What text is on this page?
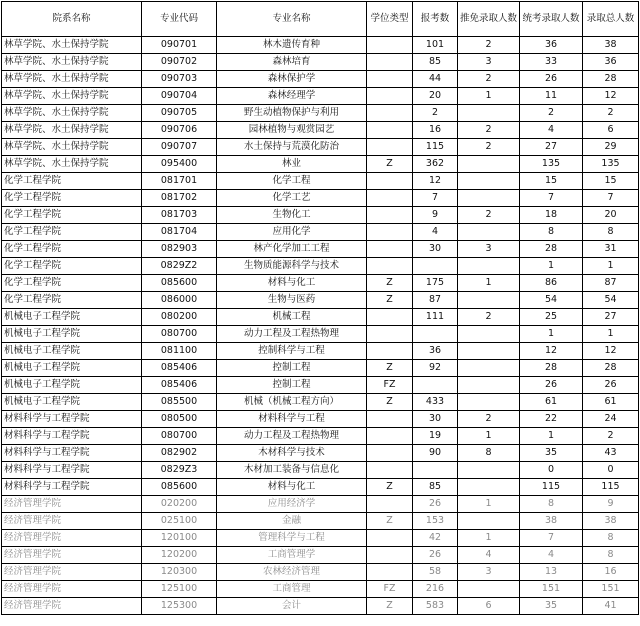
院系名称	专业代码	专业名称	学位类型	报考数	推免录取人数	统考录取人数	录取总人数
林草学院、水土保持学院	090701	林木遗传育种		101	2	36	38
林草学院、水土保持学院	090702	森林培育		85	3	33	36
林草学院、水土保持学院	090703	森林保护学		44	2	26	28
林草学院、水土保持学院	090704	森林经理学		20	1	11	12
林草学院、水土保持学院	090705	野生动植物保护与利用		2		2	2
林草学院、水土保持学院	090706	园林植物与观赏园艺		16	2	4	6
林草学院、水土保持学院	090707	水土保持与荒漠化防治		115	2	27	29
林草学院、水土保持学院	095400	林业	Z	362		135	135
化学工程学院	081701	化学工程		12		15	15
化学工程学院	081702	化学工艺		7		7	7
化学工程学院	081703	生物化工		9	2	18	20
化学工程学院	081704	应用化学		4		8	8
化学工程学院	082903	林产化学加工工程		30	3	28	31
化学工程学院	0829Z2	生物质能源科学与技术				1	1
化学工程学院	085600	材料与化工	Z	175	1	86	87
化学工程学院	086000	生物与医药	Z	87		54	54
机械电子工程学院	080200	机械工程		111	2	25	27
机械电子工程学院	080700	动力工程及工程热物理				1	1
机械电子工程学院	081100	控制科学与工程		36		12	12
机械电子工程学院	085406	控制工程	Z	92		28	28
机械电子工程学院	085406	控制工程	FZ			26	26
机械电子工程学院	085500	机械（机械工程方向）	Z	433		61	61
材料科学与工程学院	080500	材料科学与工程		30	2	22	24
材料科学与工程学院	080700	动力工程及工程热物理		19	1	1	2
材料科学与工程学院	082902	木材科学与技术		90	8	35	43
材料科学与工程学院	0829Z3	木材加工装备与信息化				0	0
材料科学与工程学院	085600	材料与化工	Z	85		115	115
经济管理学院	020200	应用经济学		26	1	8	9
经济管理学院	025100	金融	Z	153		38	38
经济管理学院	120100	管理科学与工程		42	1	7	8
经济管理学院	120200	工商管理学		26	4	4	8
经济管理学院	120300	农林经济管理		58	3	13	16
经济管理学院	125100	工商管理	FZ	216		151	151
经济管理学院	125300	会计	Z	583	6	35	41
